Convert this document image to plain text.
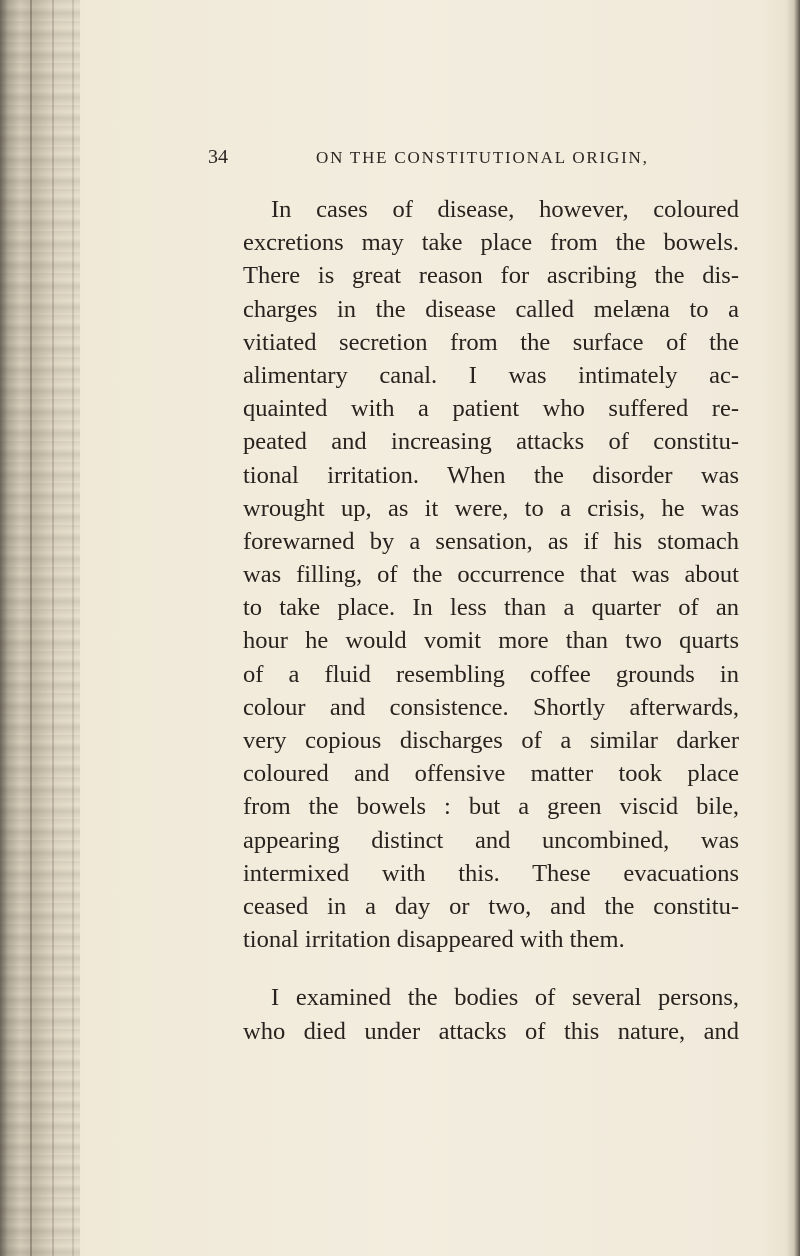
34	ON THE CONSTITUTIONAL ORIGIN,
In cases of disease, however, coloured
excretions may take place from the bowels.
There is great reason for ascribing the dis-
charges in the disease called melæna to a
vitiated secretion from the surface of the
alimentary canal. I was intimately ac-
quainted with a patient who suffered re-
peated and increasing attacks of constitu-
tional irritation. When the disorder was
wrought up, as it were, to a crisis, he was
forewarned by a sensation, as if his stomach
was filling, of the occurrence that was about
to take place. In less than a quarter of an
hour he would vomit more than two quarts
of a fluid resembling coffee grounds in
colour and consistence. Shortly afterwards,
very copious discharges of a similar darker
coloured and offensive matter took place
from the bowels : but a green viscid bile,
appearing distinct and uncombined, was
intermixed with this. These evacuations
ceased in a day or two, and the constitu-
tional irritation disappeared with them.
I examined the bodies of several persons,
who died under attacks of this nature, and
